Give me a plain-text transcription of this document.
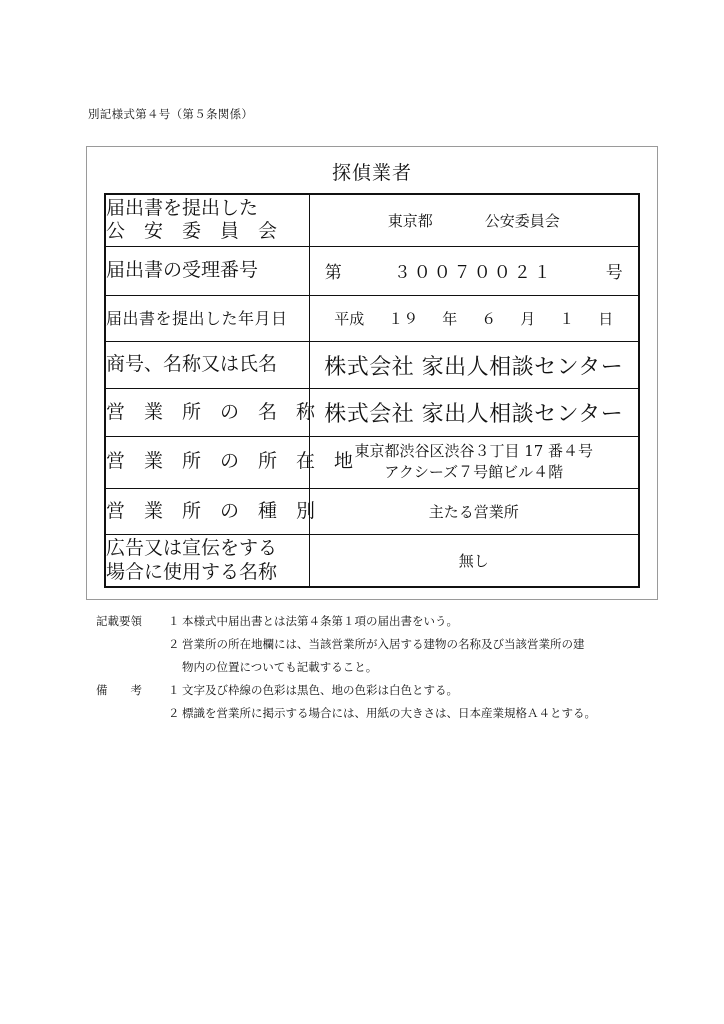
別記様式第４号（第５条関係）
探偵業者
届出書を提出した
公　安　委　員　会	東京都 公安委員会

届出書の受理番号	第 ３００７００２１ 号

届出書を提出した年月日	平成 １９ 年 ６ 月 １ 日

商号、名称又は氏名	株式会社 家出人相談センター

営　業　所　の　名　称	株式会社 家出人相談センター

営　業　所　の　所　在　地	東京都渋谷区渋谷３丁目 17 番４号
アクシーズ７号館ビル４階

営　業　所　の　種　別	主たる営業所

広告又は宣伝をする
場合に使用する名称	無し
記載要領	１ 本様式中届出書とは法第４条第１項の届出書をいう。
２ 営業所の所在地欄には、当該営業所が入居する建物の名称及び当該営業所の建
物内の位置についても記載すること。
備　　考	１ 文字及び枠線の色彩は黒色、地の色彩は白色とする。
２ 標識を営業所に掲示する場合には、用紙の大きさは、日本産業規格Ａ４とする。
